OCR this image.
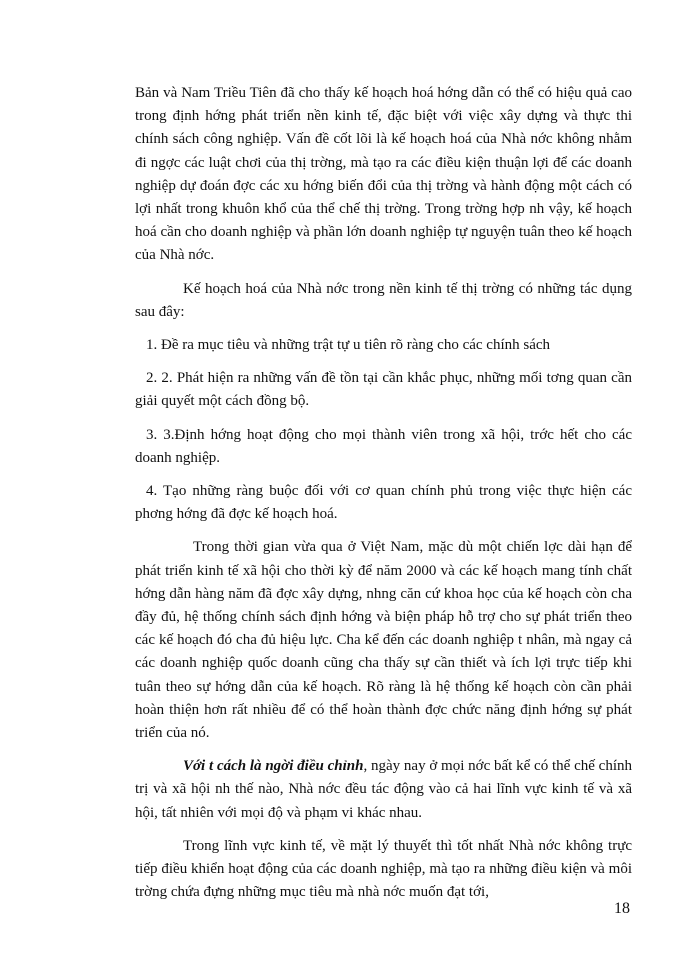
Bản và Nam Triều Tiên đã cho thấy kế hoạch hoá hớng dẫn có thể có hiệu quả cao trong định hớng phát triển nền kinh tế, đặc biệt với việc xây dựng và thực thi chính sách công nghiệp. Vấn đề cốt lõi là kế hoạch hoá của Nhà nớc không nhằm đi ngợc các luật chơi của thị trờng, mà tạo ra các điều kiện thuận lợi để các doanh nghiệp dự đoán đợc các xu hớng biến đổi của thị trờng và hành động một cách có lợi nhất trong khuôn khổ của thể chế thị trờng. Trong trờng hợp nh vậy, kế hoạch hoá cần cho doanh nghiệp và phần lớn doanh nghiệp tự nguyện tuân theo kế hoạch của Nhà nớc.

Kế hoạch hoá của Nhà nớc trong nền kinh tế thị trờng có những tác dụng sau đây:

1. Đề ra mục tiêu và những trật tự u tiên rõ ràng cho các chính sách

2. 2. Phát hiện ra những vấn đề tồn tại cần khắc phục, những mối tơng quan cần giải quyết một cách đồng bộ.

3. 3.Định hớng hoạt động cho mọi thành viên trong xã hội, trớc hết cho các doanh nghiệp.

4. Tạo những ràng buộc đối với cơ quan chính phủ trong việc thực hiện các phơng hớng đã đợc kế hoạch hoá.

Trong thời gian vừa qua ở Việt Nam, mặc dù một chiến lợc dài hạn để phát triển kinh tế xã hội cho thời kỳ để năm 2000 và các kế hoạch mang tính chất hớng dẫn hàng năm đã đợc xây dựng, nhng căn cứ khoa học của kế hoạch còn cha đầy đủ, hệ thống chính sách định hớng và biện pháp hỗ trợ cho sự phát triển theo các kế hoạch đó cha đủ hiệu lực. Cha kể đến các doanh nghiệp t nhân, mà ngay cả các doanh nghiệp quốc doanh cũng cha thấy sự cần thiết và ích lợi trực tiếp khi tuân theo sự hớng dẫn của kế hoạch. Rõ ràng là hệ thống kế hoạch còn cần phải hoàn thiện hơn rất nhiều để có thể hoàn thành đợc chức năng định hớng sự phát triển của nó.

Với t cách là ngời điều chỉnh, ngày nay ở mọi nớc bất kể có thể chế chính trị và xã hội nh thế nào, Nhà nớc đều tác động vào cả hai lĩnh vực kinh tế và xã hội, tất nhiên với mọi độ và phạm vi khác nhau.

Trong lĩnh vực kinh tế, về mặt lý thuyết thì tốt nhất Nhà nớc không trực tiếp điều khiển hoạt động của các doanh nghiệp, mà tạo ra những điều kiện và môi trờng chứa đựng những mục tiêu mà nhà nớc muốn đạt tới,

18
